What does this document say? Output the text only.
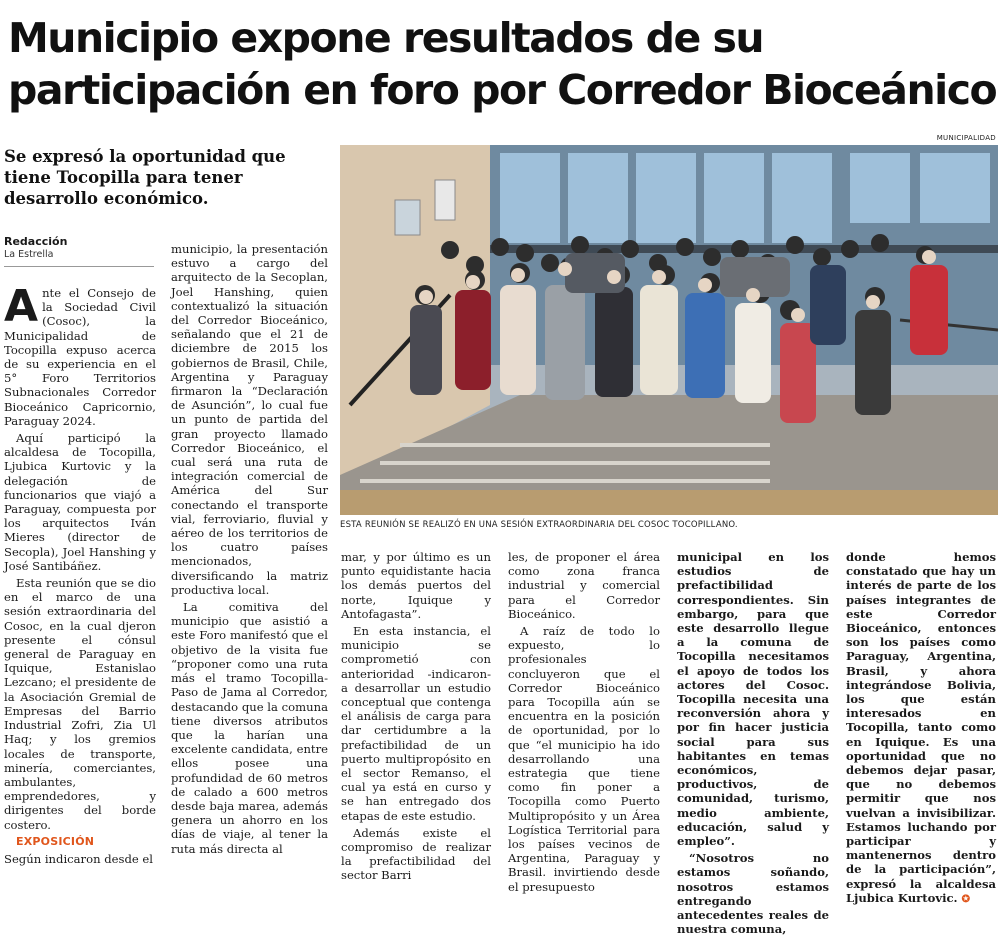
Municipio expone resultados de su participación en foro por Corredor Bioceánico
Se expresó la oportunidad que tiene Tocopilla para tener desarrollo económico.
Redacción
La Estrella
MUNICIPALIDAD
ESTA REUNIÓN SE REALIZÓ EN UNA SESIÓN EXTRAORDINARIA DEL COSOC TOCOPILLANO.

Ante el Consejo de la Sociedad Civil (Cosoc), la Municipalidad de Tocopilla expuso acerca de su experiencia en el 5° Foro Territorios Subnacionales Corredor Bioceánico Capricornio, Paraguay 2024.

Aquí participó la alcaldesa de Tocopilla, Ljubica Kurtovic y la delegación de funcionarios que viajó a Paraguay, compuesta por los arquitectos Iván Mieres (director de Secopla), Joel Hanshing y José Santibáñez.

Esta reunión que se dio en el marco de una sesión extraordinaria del Cosoc, en la cual djeron presente el cónsul general de Paraguay en Iquique, Estanislao Lezcano; el presidente de la Asociación Gremial de Empresas del Barrio Industrial Zofri, Zia Ul Haq; y los gremios locales de transporte, minería, comerciantes, ambulantes, emprendedores, y dirigentes del borde costero.

EXPOSICIÓN

Según indicaron desde el

municipio, la presentación estuvo a cargo del arquitecto de la Secoplan, Joel Hanshing, quien contextualizó la situación del Corredor Bioceánico, señalando que el 21 de diciembre de 2015 los gobiernos de Brasil, Chile, Argentina y Paraguay firmaron la “Declaración de Asunción”, lo cual fue un punto de partida del gran proyecto llamado Corredor Bioceánico, el cual será una ruta de integración comercial de América del Sur conectando el transporte vial, ferroviario, fluvial y aéreo de los territorios de los cuatro países mencionados, diversificando la matriz productiva local.

La comitiva del municipio que asistió a este Foro manifestó que el objetivo de la visita fue “proponer como una ruta más el tramo Tocopilla-Paso de Jama al Corredor, destacando que la comuna tiene diversos atributos que la harían una excelente candidata, entre ellos posee una profundidad de 60 metros de calado a 600 metros desde baja marea, además genera un ahorro en los días de viaje, al tener la ruta más directa al

mar, y por último es un punto equidistante hacia los demás puertos del norte, Iquique y Antofagasta”.

En esta instancia, el municipio se comprometió con anterioridad -indicaron- a desarrollar un estudio conceptual que contenga el análisis de carga para dar certidumbre a la prefactibilidad de un puerto multipropósito en el sector Remanso, el cual ya está en curso y se han entregado dos etapas de este estudio.

Además existe el compromiso de realizar la prefactibilidad del sector Barri

les, de proponer el área como zona franca industrial y comercial para el Corredor Bioceánico.

A raíz de todo lo expuesto, lo profesionales concluyeron que el Corredor Bioceánico para Tocopilla aún se encuentra en la posición de oportunidad, por lo que “el municipio ha ido desarrollando una estrategia que tiene como fin poner a Tocopilla como Puerto Multipropósito y un Área Logística Territorial para los países vecinos de Argentina, Paraguay y Brasil. invirtiendo desde el presupuesto

municipal en los estudios de prefactibilidad correspondientes. Sin embargo, para que este desarrollo llegue a la comuna de Tocopilla necesitamos el apoyo de todos los actores del Cosoc. Tocopilla necesita una reconversión ahora y por fin hacer justicia social para sus habitantes en temas económicos, productivos, de comunidad, turismo, medio ambiente, educación, salud y empleo”.

“Nosotros no estamos soñando, nosotros estamos entregando antecedentes reales de nuestra comuna,

donde hemos constatado que hay un interés de parte de los países integrantes de este Corredor Bioceánico, entonces son los países como Paraguay, Argentina, Brasil, y ahora integrándose Bolivia, los que están interesados en Tocopilla, tanto como en Iquique. Es una oportunidad que no debemos dejar pasar, que no debemos permitir que nos vuelvan a invisibilizar. Estamos luchando por participar y mantenernos dentro de la participación”, expresó la alcaldesa Ljubica Kurtovic. ✪
